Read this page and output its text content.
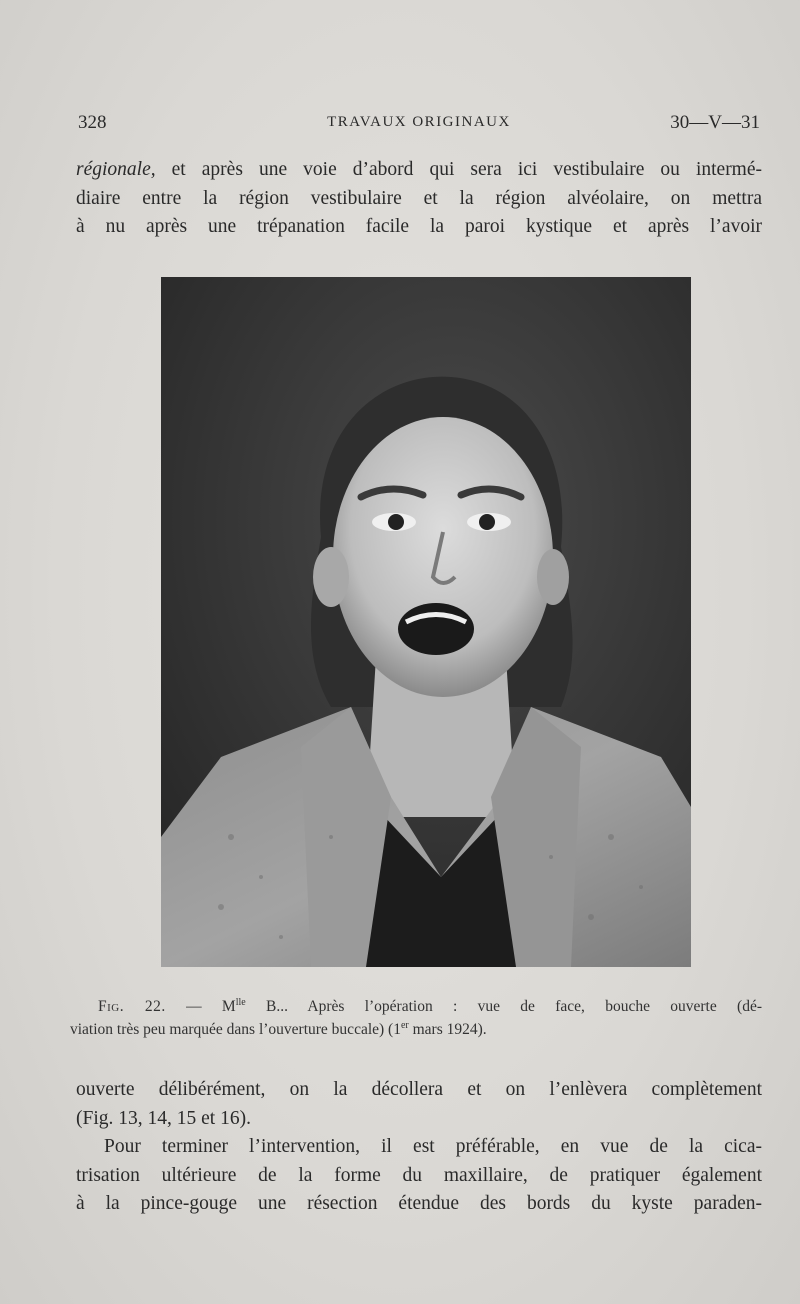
328	TRAVAUX ORIGINAUX	30—V—31
régionale, et après une voie d’abord qui sera ici vestibulaire ou intermé-
diaire entre la région vestibulaire et la région alvéolaire, on mettra
à nu après une trépanation facile la paroi kystique et après l’avoir
Fig. 22. — $M^{lle}$ B... Après l’opération : vue de face, bouche ouverte (dé-
viation très peu marquée dans l’ouverture buccale) (1er mars 1924).
ouverte délibérément, on la décollera et on l’enlèvera complètement
(Fig. 13, 14, 15 et 16).
Pour terminer l’intervention, il est préférable, en vue de la cica-
trisation ultérieure de la forme du maxillaire, de pratiquer également
à la pince-gouge une résection étendue des bords du kyste paraden-
